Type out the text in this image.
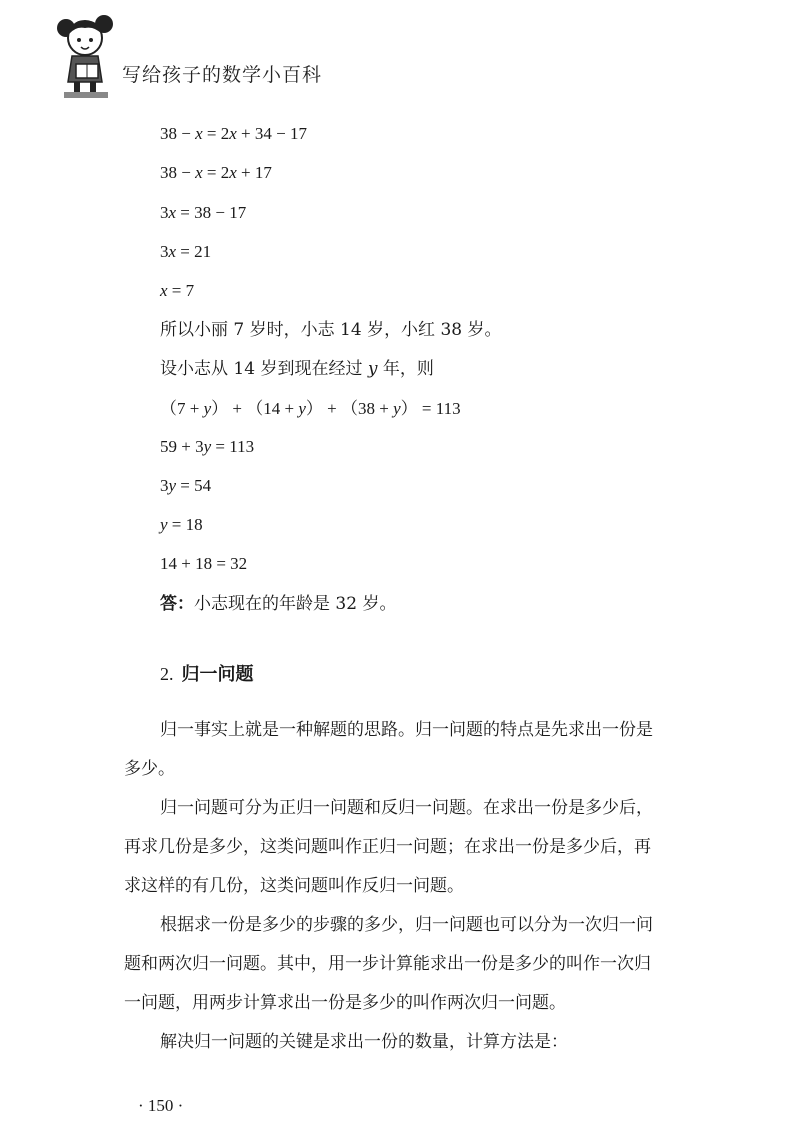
写给孩子的数学小百科
38 − x = 2x + 34 − 17
38 − x = 2x + 17
3x = 38 − 17
3x = 21
x = 7
所以小丽 7 岁时，小志 14 岁，小红 38 岁。
设小志从 14 岁到现在经过 y 年，则
（7 + y） + （14 + y） + （38 + y） = 113
59 + 3y = 113
3y = 54
y = 18
14 + 18 = 32
答：小志现在的年龄是 32 岁。
2. 归一问题
归一事实上就是一种解题的思路。归一问题的特点是先求出一份是
多少。
归一问题可分为正归一问题和反归一问题。在求出一份是多少后，
再求几份是多少，这类问题叫作正归一问题；在求出一份是多少后，再
求这样的有几份，这类问题叫作反归一问题。
根据求一份是多少的步骤的多少，归一问题也可以分为一次归一问
题和两次归一问题。其中，用一步计算能求出一份是多少的叫作一次归
一问题，用两步计算求出一份是多少的叫作两次归一问题。
解决归一问题的关键是求出一份的数量，计算方法是：
· 150 ·
